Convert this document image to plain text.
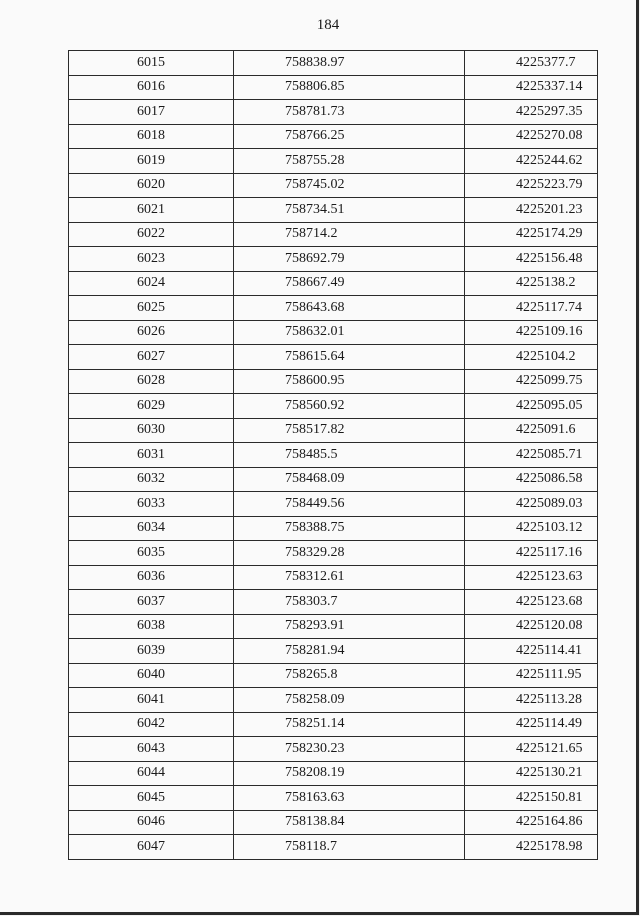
184
6015	758838.97	4225377.7
6016	758806.85	4225337.14
6017	758781.73	4225297.35
6018	758766.25	4225270.08
6019	758755.28	4225244.62
6020	758745.02	4225223.79
6021	758734.51	4225201.23
6022	758714.2	4225174.29
6023	758692.79	4225156.48
6024	758667.49	4225138.2
6025	758643.68	4225117.74
6026	758632.01	4225109.16
6027	758615.64	4225104.2
6028	758600.95	4225099.75
6029	758560.92	4225095.05
6030	758517.82	4225091.6
6031	758485.5	4225085.71
6032	758468.09	4225086.58
6033	758449.56	4225089.03
6034	758388.75	4225103.12
6035	758329.28	4225117.16
6036	758312.61	4225123.63
6037	758303.7	4225123.68
6038	758293.91	4225120.08
6039	758281.94	4225114.41
6040	758265.8	4225111.95
6041	758258.09	4225113.28
6042	758251.14	4225114.49
6043	758230.23	4225121.65
6044	758208.19	4225130.21
6045	758163.63	4225150.81
6046	758138.84	4225164.86
6047	758118.7	4225178.98
